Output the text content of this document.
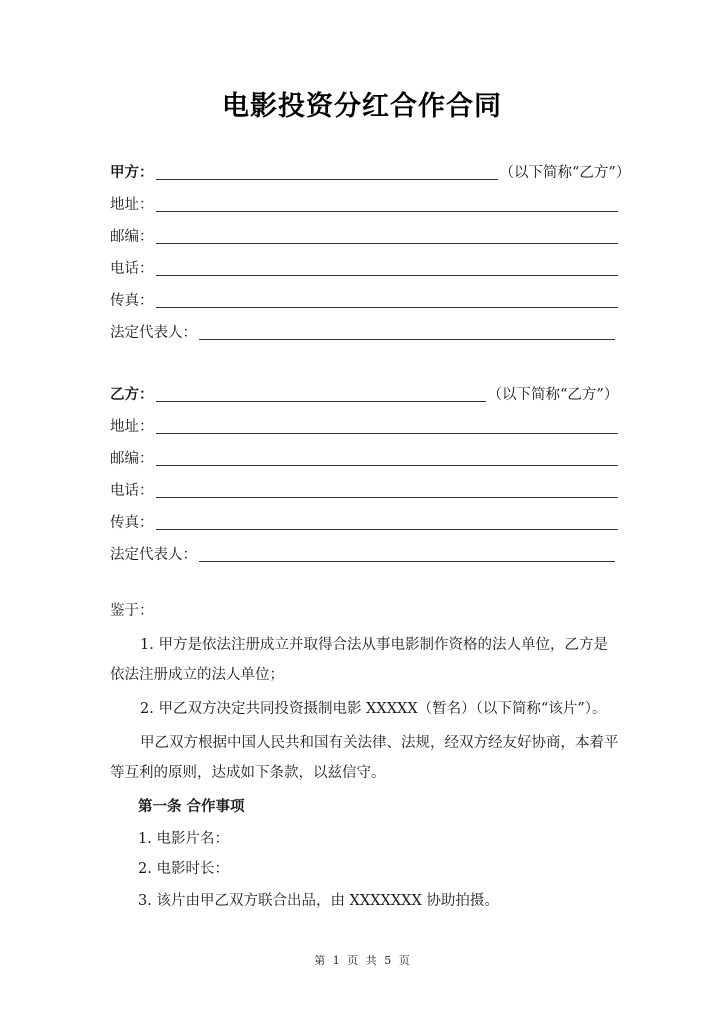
电影投资分红合作合同
甲方：	（以下简称“乙方”）
地址：
邮编：
电话：
传真：
法定代表人：
乙方：	（以下简称“乙方”）
地址：
邮编：
电话：
传真：
法定代表人：
鉴于：
1. 甲方是依法注册成立并取得合法从事电影制作资格的法人单位，乙方是
依法注册成立的法人单位；
2. 甲乙双方决定共同投资摄制电影 XXXXX（暂名）（以下简称“该片”）。
甲乙双方根据中国人民共和国有关法律、法规，经双方经友好协商，本着平
等互利的原则，达成如下条款，以兹信守。
第一条 合作事项
1. 电影片名：
2. 电影时长：
3. 该片由甲乙双方联合出品，由 XXXXXXX 协助拍摄。
第 1 页 共 5 页
